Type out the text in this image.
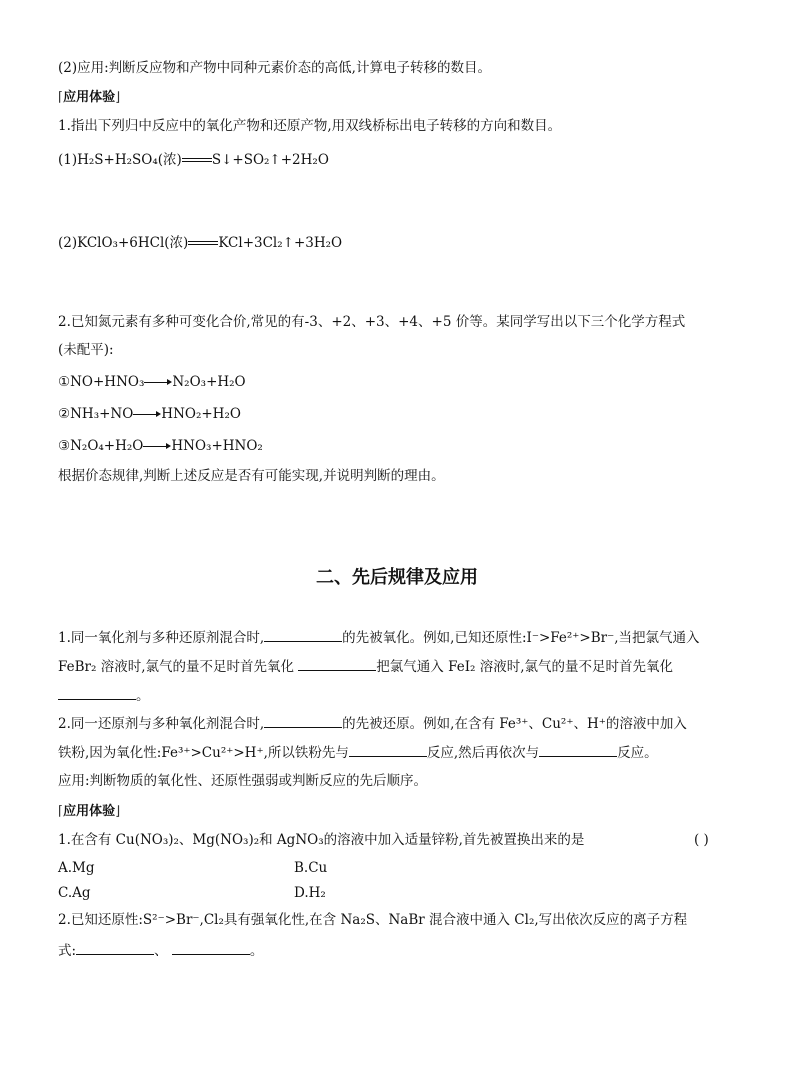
(2)应用:判断反应物和产物中同种元素价态的高低,计算电子转移的数目。
⌈应用体验⌋
1.指出下列归中反应中的氧化产物和还原产物,用双线桥标出电子转移的方向和数目。
(1)H₂S+H₂SO₄(浓) S↓+SO₂↑+2H₂O
(2)KClO₃+6HCl(浓) KCl+3Cl₂↑+3H₂O
2.已知氮元素有多种可变化合价,常见的有-3、+2、+3、+4、+5 价等。某同学写出以下三个化学方程式
(未配平):
①NO+HNO₃ N₂O₃+H₂O
②NH₃+NO HNO₂+H₂O
③N₂O₄+H₂O HNO₃+HNO₂
根据价态规律,判断上述反应是否有可能实现,并说明判断的理由。
二、先后规律及应用
1.同一氧化剂与多种还原剂混合时,	的先被氧化。例如,已知还原性:I⁻>Fe²⁺>Br⁻,当把氯气通入
FeBr₂ 溶液时,氯气的量不足时首先氧化	把氯气通入 FeI₂ 溶液时,氯气的量不足时首先氧化
。
2.同一还原剂与多种氧化剂混合时,	的先被还原。例如,在含有 Fe³⁺、Cu²⁺、H⁺的溶液中加入
铁粉,因为氧化性:Fe³⁺>Cu²⁺>H⁺,所以铁粉先与	反应,然后再依次与	反应。
应用:判断物质的氧化性、还原性强弱或判断反应的先后顺序。
⌈应用体验⌋
1.在含有 Cu(NO₃)₂、Mg(NO₃)₂和 AgNO₃的溶液中加入适量锌粉,首先被置换出来的是	( )
A.Mg	B.Cu
C.Ag	D.H₂
2.已知还原性:S²⁻>Br⁻,Cl₂具有强氧化性,在含 Na₂S、NaBr 混合液中通入 Cl₂,写出依次反应的离子方程
式:	、	。
